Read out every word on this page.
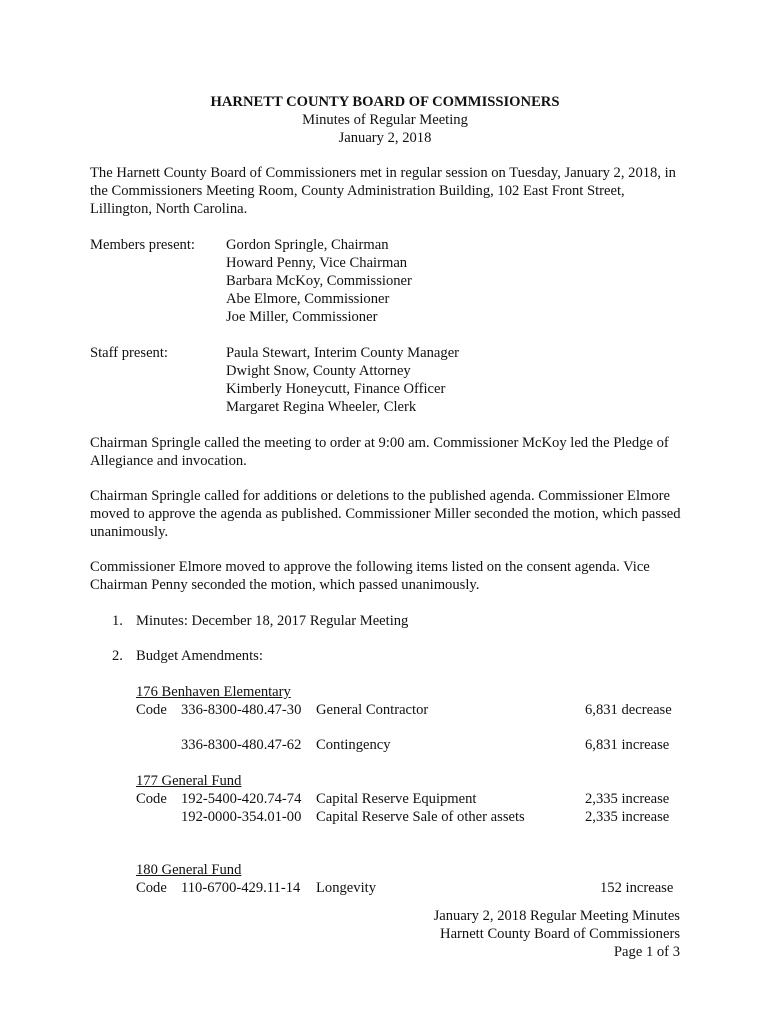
HARNETT COUNTY BOARD OF COMMISSIONERS
Minutes of Regular Meeting
January 2, 2018
The Harnett County Board of Commissioners met in regular session on Tuesday, January 2, 2018, in the Commissioners Meeting Room, County Administration Building, 102 East Front Street, Lillington, North Carolina.
Members present: Gordon Springle, Chairman
Howard Penny, Vice Chairman
Barbara McKoy, Commissioner
Abe Elmore, Commissioner
Joe Miller, Commissioner
Staff present:	Paula Stewart, Interim County Manager
Dwight Snow, County Attorney
Kimberly Honeycutt, Finance Officer
Margaret Regina Wheeler, Clerk
Chairman Springle called the meeting to order at 9:00 am. Commissioner McKoy led the Pledge of Allegiance and invocation.
Chairman Springle called for additions or deletions to the published agenda. Commissioner Elmore moved to approve the agenda as published. Commissioner Miller seconded the motion, which passed unanimously.
Commissioner Elmore moved to approve the following items listed on the consent agenda. Vice Chairman Penny seconded the motion, which passed unanimously.
1. Minutes: December 18, 2017 Regular Meeting
2. Budget Amendments:
176 Benhaven Elementary
Code 336-8300-480.47-30 General Contractor	6,831 decrease
336-8300-480.47-62 Contingency	6,831 increase
177 General Fund
Code 192-5400-420.74-74 Capital Reserve Equipment	2,335 increase
192-0000-354.01-00 Capital Reserve Sale of other assets	2,335 increase
180 General Fund
Code 110-6700-429.11-14 Longevity	152 increase
January 2, 2018 Regular Meeting Minutes
Harnett County Board of Commissioners
Page 1 of 3
